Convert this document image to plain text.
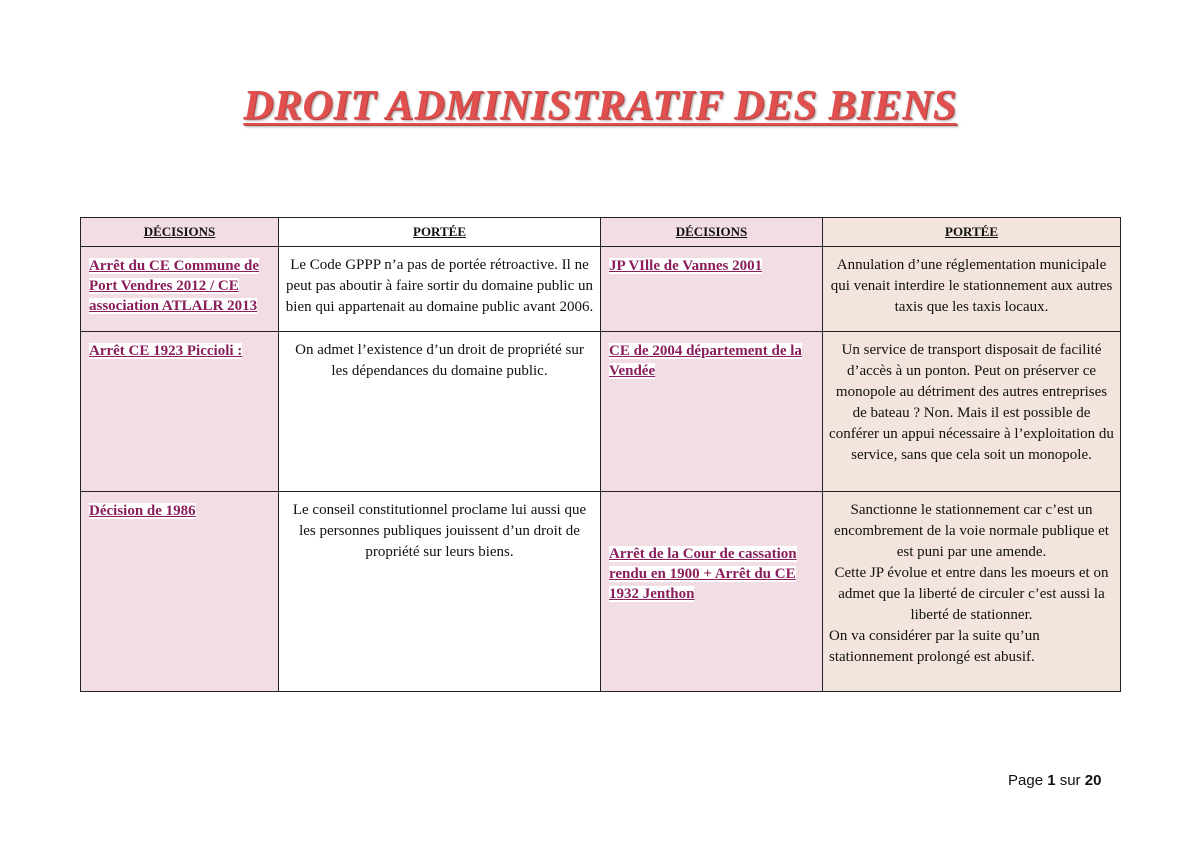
DROIT ADMINISTRATIF DES BIENS
DÉCISIONS	PORTÉE	DÉCISIONS	PORTÉE

Arrêt du CE Commune de Port Vendres 2012 / CE association ATLALR 2013	Le Code GPPP n’a pas de portée rétroactive. Il ne peut pas aboutir à faire sortir du domaine public un bien qui appartenait au domaine public avant 2006.	JP VIlle de Vannes 2001	Annulation d’une réglementation municipale qui venait interdire le stationnement aux autres taxis que les taxis locaux.

Arrêt CE 1923 Piccioli :	On admet l’existence d’un droit de propriété sur les dépendances du domaine public.	CE de 2004 département de la Vendée	Un service de transport disposait de facilité d’accès à un ponton. Peut on préserver ce monopole au détriment des autres entreprises de bateau ? Non. Mais il est possible de conférer un appui nécessaire à l’exploitation du service, sans que cela soit un monopole.

Décision de 1986	Le conseil constitutionnel proclame lui aussi que les personnes publiques jouissent d’un droit de propriété sur leurs biens.	Arrêt de la Cour de cassation rendu en 1900 + Arrêt du CE 1932 Jenthon	Sanctionne le stationnement car c’est un encombrement de la voie normale publique et est puni par une amende.
Cette JP évolue et entre dans les moeurs et on admet que la liberté de circuler c’est aussi la liberté de stationner.
On va considérer par la suite qu’un stationnement prolongé est abusif.
Page 1 sur 20
